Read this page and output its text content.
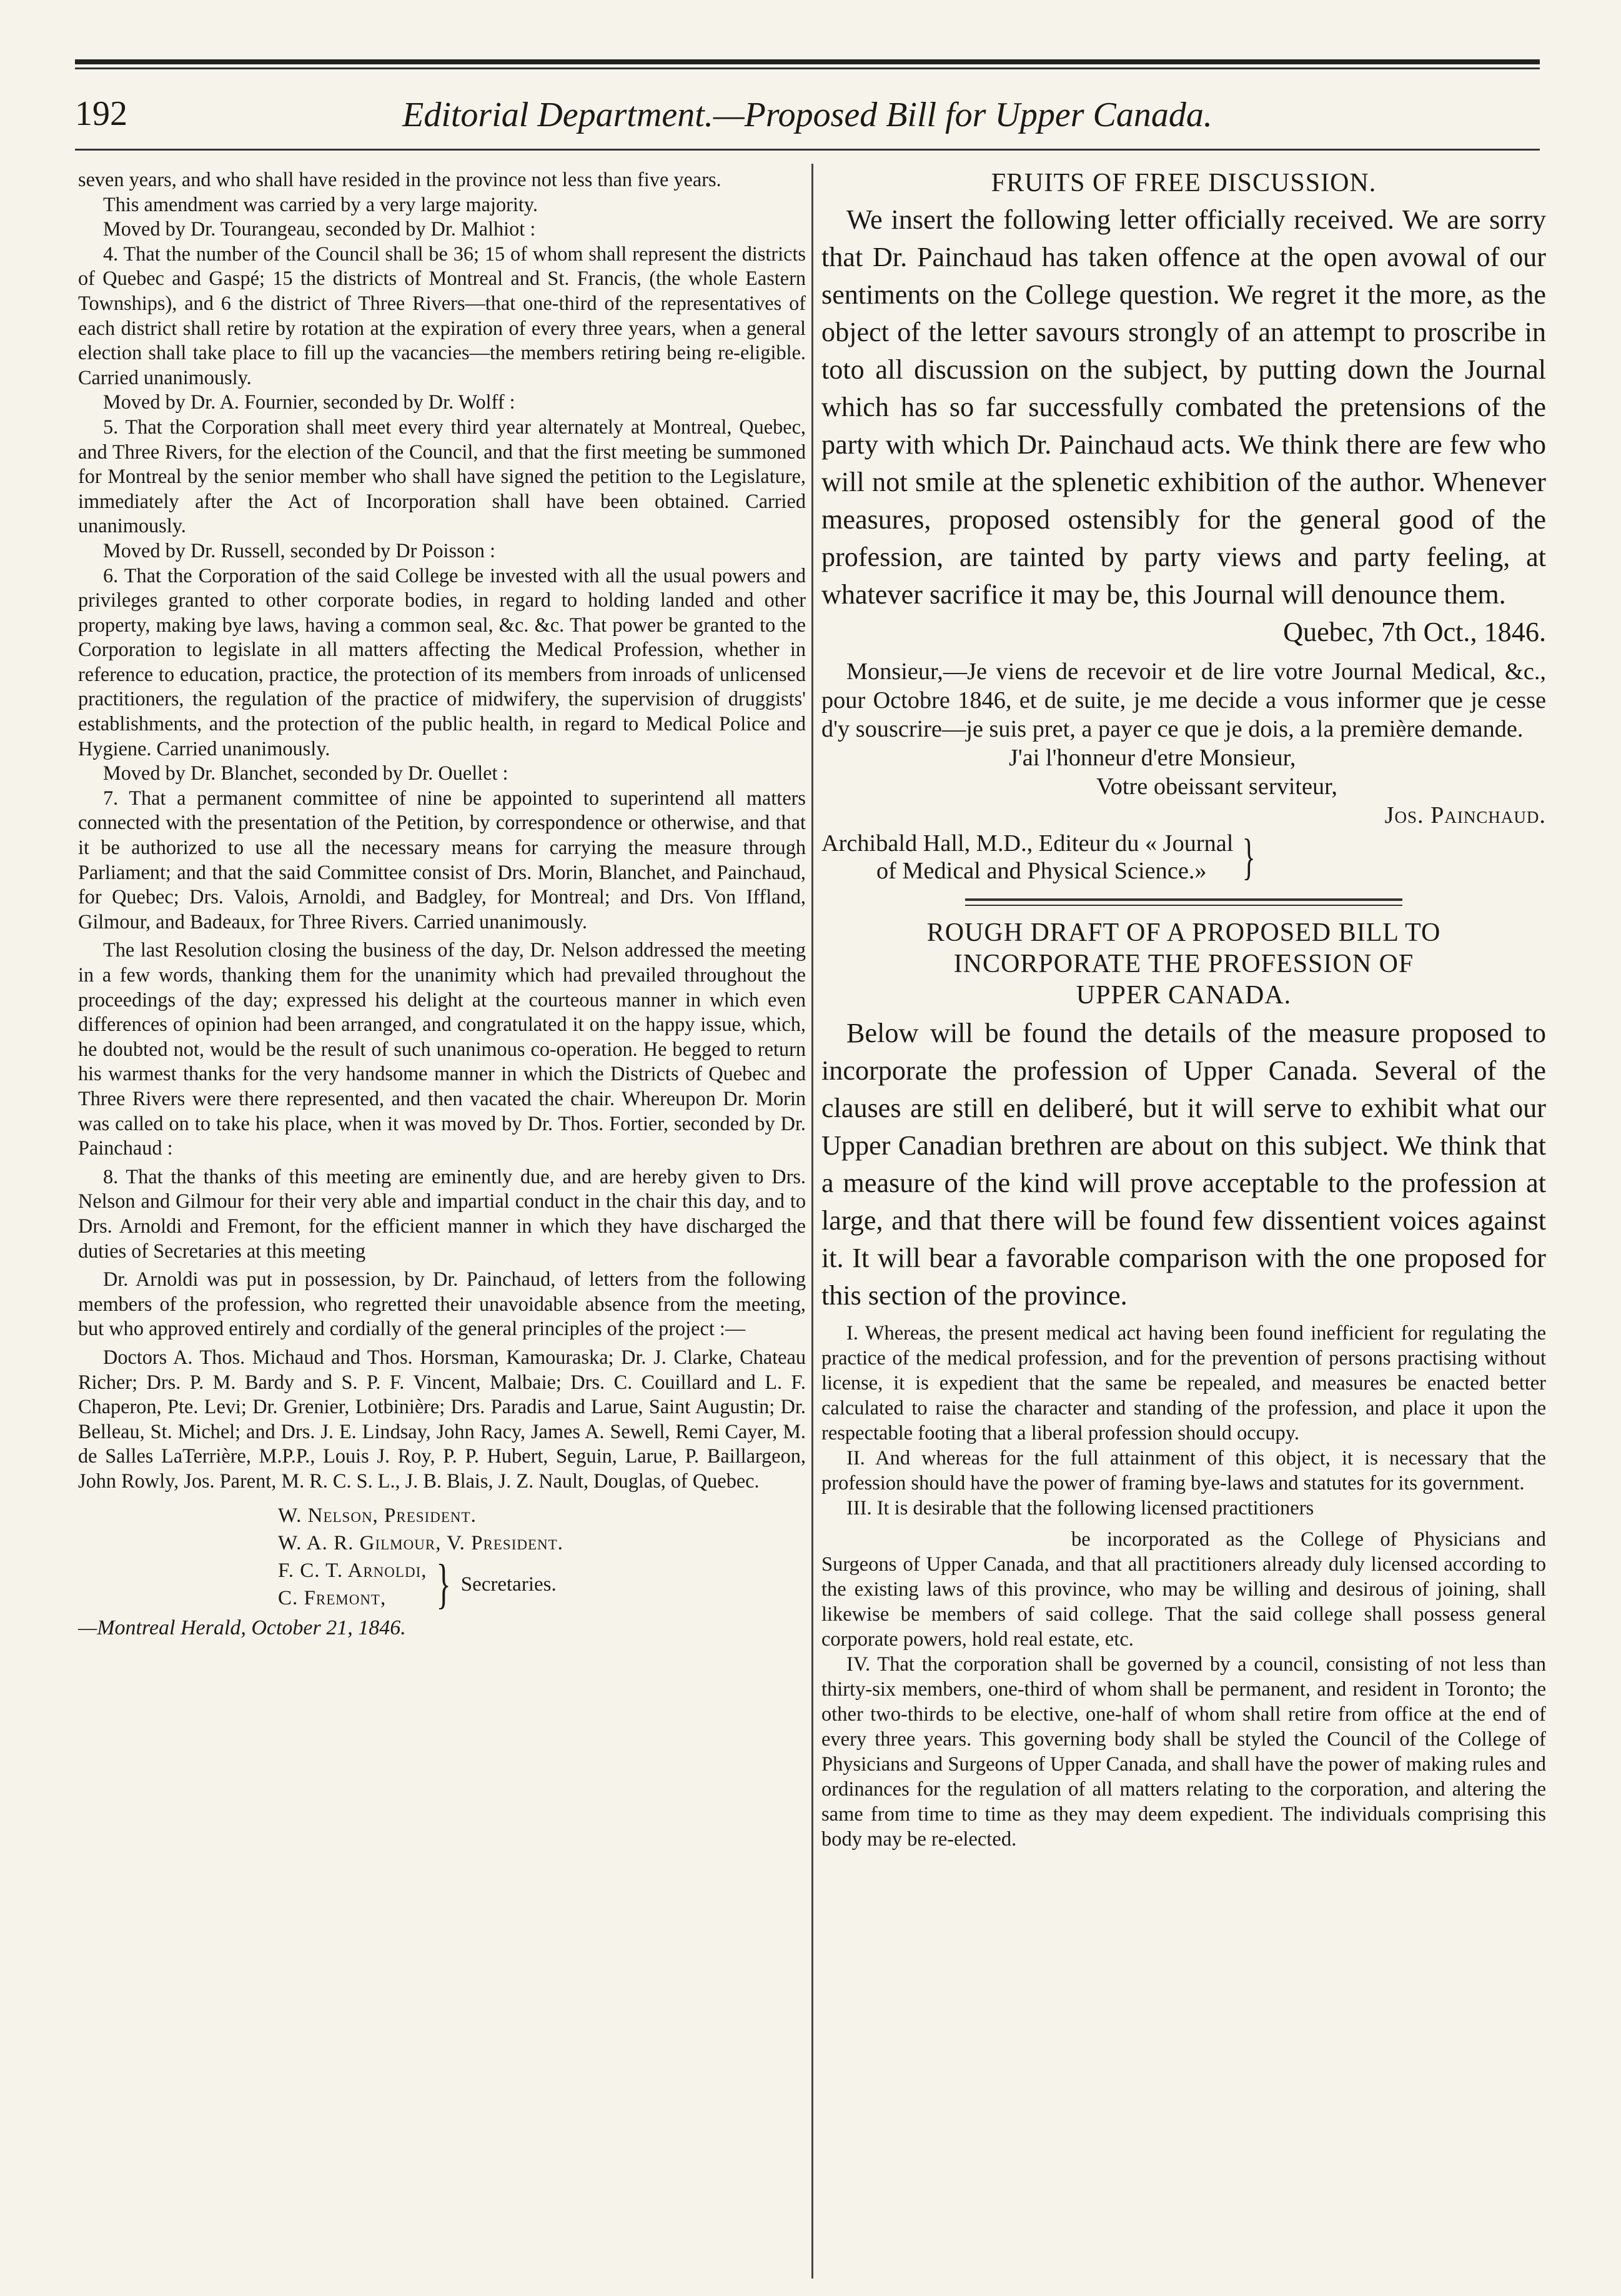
192	Editorial Department.—Proposed Bill for Upper Canada.

seven years, and who shall have resided in the province not less than five years.

This amendment was carried by a very large majority.

Moved by Dr. Tourangeau, seconded by Dr. Malhiot :

4. That the number of the Council shall be 36; 15 of whom shall represent the districts of Quebec and Gaspé; 15 the districts of Montreal and St. Francis, (the whole Eastern Townships), and 6 the district of Three Rivers—that one-third of the representatives of each district shall retire by rotation at the expiration of every three years, when a general election shall take place to fill up the vacancies—the members retiring being re-eligible. Carried unanimously.

Moved by Dr. A. Fournier, seconded by Dr. Wolff :

5. That the Corporation shall meet every third year alternately at Montreal, Quebec, and Three Rivers, for the election of the Council, and that the first meeting be summoned for Montreal by the senior member who shall have signed the petition to the Legislature, immediately after the Act of Incorporation shall have been obtained. Carried unanimously.

Moved by Dr. Russell, seconded by Dr Poisson :

6. That the Corporation of the said College be invested with all the usual powers and privileges granted to other corporate bodies, in regard to holding landed and other property, making bye laws, having a common seal, &c. &c. That power be granted to the Corporation to legislate in all matters affecting the Medical Profession, whether in reference to education, practice, the protection of its members from inroads of unlicensed practitioners, the regulation of the practice of midwifery, the supervision of druggists' establishments, and the protection of the public health, in regard to Medical Police and Hygiene. Carried unanimously.

Moved by Dr. Blanchet, seconded by Dr. Ouellet :

7. That a permanent committee of nine be appointed to superintend all matters connected with the presentation of the Petition, by correspondence or otherwise, and that it be authorized to use all the necessary means for carrying the measure through Parliament; and that the said Committee consist of Drs. Morin, Blanchet, and Painchaud, for Quebec; Drs. Valois, Arnoldi, and Badgley, for Montreal; and Drs. Von Iffland, Gilmour, and Badeaux, for Three Rivers. Carried unanimously.

The last Resolution closing the business of the day, Dr. Nelson addressed the meeting in a few words, thanking them for the unanimity which had prevailed throughout the proceedings of the day; expressed his delight at the courteous manner in which even differences of opinion had been arranged, and congratulated it on the happy issue, which, he doubted not, would be the result of such unanimous co-operation. He begged to return his warmest thanks for the very handsome manner in which the Districts of Quebec and Three Rivers were there represented, and then vacated the chair. Whereupon Dr. Morin was called on to take his place, when it was moved by Dr. Thos. Fortier, seconded by Dr. Painchaud :

8. That the thanks of this meeting are eminently due, and are hereby given to Drs. Nelson and Gilmour for their very able and impartial conduct in the chair this day, and to Drs. Arnoldi and Fremont, for the efficient manner in which they have discharged the duties of Secretaries at this meeting

Dr. Arnoldi was put in possession, by Dr. Painchaud, of letters from the following members of the profession, who regretted their unavoidable absence from the meeting, but who approved entirely and cordially of the general principles of the project :—

Doctors A. Thos. Michaud and Thos. Horsman, Kamouraska; Dr. J. Clarke, Chateau Richer; Drs. P. M. Bardy and S. P. F. Vincent, Malbaie; Drs. C. Couillard and L. F. Chaperon, Pte. Levi; Dr. Grenier, Lotbinière; Drs. Paradis and Larue, Saint Augustin; Dr. Belleau, St. Michel; and Drs. J. E. Lindsay, John Racy, James A. Sewell, Remi Cayer, M. de Salles LaTerrière, M.P.P., Louis J. Roy, P. P. Hubert, Seguin, Larue, P. Baillargeon, John Rowly, Jos. Parent, M. R. C. S. L., J. B. Blais, J. Z. Nault, Douglas, of Quebec.

W. Nelson, President.
W. A. R. Gilmour, V. President.
F. C. T. Arnoldi,
C. Fremont, } Secretaries.

—Montreal Herald, October 21, 1846.

FRUITS OF FREE DISCUSSION.

We insert the following letter officially received. We are sorry that Dr. Painchaud has taken offence at the open avowal of our sentiments on the College question. We regret it the more, as the object of the letter savours strongly of an attempt to proscribe in toto all discussion on the subject, by putting down the Journal which has so far successfully combated the pretensions of the party with which Dr. Painchaud acts. We think there are few who will not smile at the splenetic exhibition of the author. Whenever measures, proposed ostensibly for the general good of the profession, are tainted by party views and party feeling, at whatever sacrifice it may be, this Journal will denounce them.

Quebec, 7th Oct., 1846.

Monsieur,—Je viens de recevoir et de lire votre Journal Medical, &c., pour Octobre 1846, et de suite, je me decide a vous informer que je cesse d'y souscrire—je suis pret, a payer ce que je dois, a la première demande.

J'ai l'honneur d'etre Monsieur,

Votre obeissant serviteur,

Jos. Painchaud.

Archibald Hall, M.D., Editeur du « Journal
of Medical and Physical Science.» }
ROUGH DRAFT OF A PROPOSED BILL TO
INCORPORATE THE PROFESSION OF
UPPER CANADA.

Below will be found the details of the measure proposed to incorporate the profession of Upper Canada. Several of the clauses are still en deliberé, but it will serve to exhibit what our Upper Canadian brethren are about on this subject. We think that a measure of the kind will prove acceptable to the profession at large, and that there will be found few dissentient voices against it. It will bear a favorable comparison with the one proposed for this section of the province.

I. Whereas, the present medical act having been found inefficient for regulating the practice of the medical profession, and for the prevention of persons practising without license, it is expedient that the same be repealed, and measures be enacted better calculated to raise the character and standing of the profession, and place it upon the respectable footing that a liberal profession should occupy.

II. And whereas for the full attainment of this object, it is necessary that the profession should have the power of framing bye-laws and statutes for its government.

III. It is desirable that the following licensed practitioners

be incorporated as the College of Physicians and Surgeons of Upper Canada, and that all practitioners already duly licensed according to the existing laws of this province, who may be willing and desirous of joining, shall likewise be members of said college. That the said college shall possess general corporate powers, hold real estate, etc.

IV. That the corporation shall be governed by a council, consisting of not less than thirty-six members, one-third of whom shall be permanent, and resident in Toronto; the other two-thirds to be elective, one-half of whom shall retire from office at the end of every three years. This governing body shall be styled the Council of the College of Physicians and Surgeons of Upper Canada, and shall have the power of making rules and ordinances for the regulation of all matters relating to the corporation, and altering the same from time to time as they may deem expedient. The individuals comprising this body may be re-elected.
